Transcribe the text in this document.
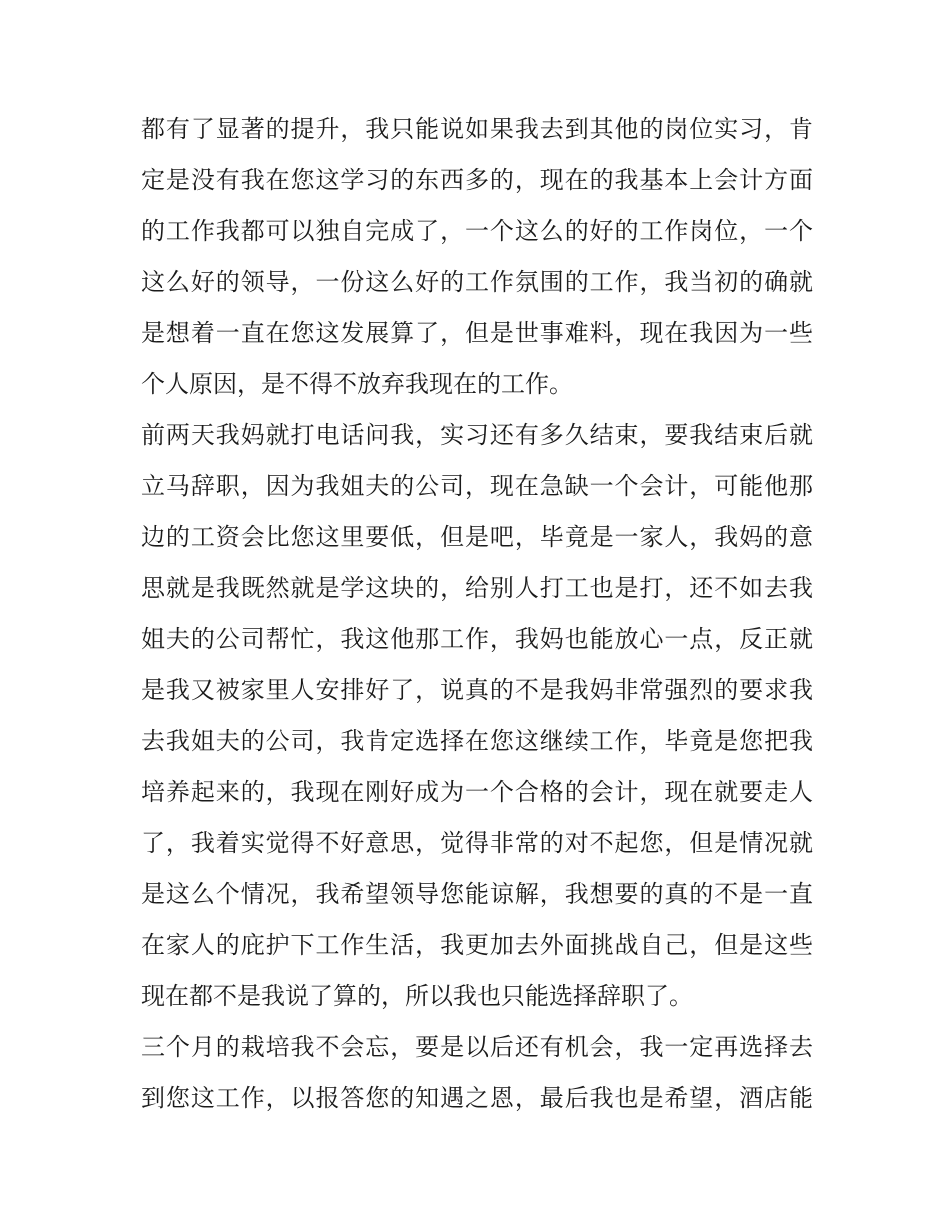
都有了显著的提升，我只能说如果我去到其他的岗位实习，肯
定是没有我在您这学习的东西多的，现在的我基本上会计方面
的工作我都可以独自完成了，一个这么的好的工作岗位，一个
这么好的领导，一份这么好的工作氛围的工作，我当初的确就
是想着一直在您这发展算了，但是世事难料，现在我因为一些
个人原因，是不得不放弃我现在的工作。
前两天我妈就打电话问我，实习还有多久结束，要我结束后就
立马辞职，因为我姐夫的公司，现在急缺一个会计，可能他那
边的工资会比您这里要低，但是吧，毕竟是一家人，我妈的意
思就是我既然就是学这块的，给别人打工也是打，还不如去我
姐夫的公司帮忙，我这他那工作，我妈也能放心一点，反正就
是我又被家里人安排好了，说真的不是我妈非常强烈的要求我
去我姐夫的公司，我肯定选择在您这继续工作，毕竟是您把我
培养起来的，我现在刚好成为一个合格的会计，现在就要走人
了，我着实觉得不好意思，觉得非常的对不起您，但是情况就
是这么个情况，我希望领导您能谅解，我想要的真的不是一直
在家人的庇护下工作生活，我更加去外面挑战自己，但是这些
现在都不是我说了算的，所以我也只能选择辞职了。
三个月的栽培我不会忘，要是以后还有机会，我一定再选择去
到您这工作，以报答您的知遇之恩，最后我也是希望，酒店能
